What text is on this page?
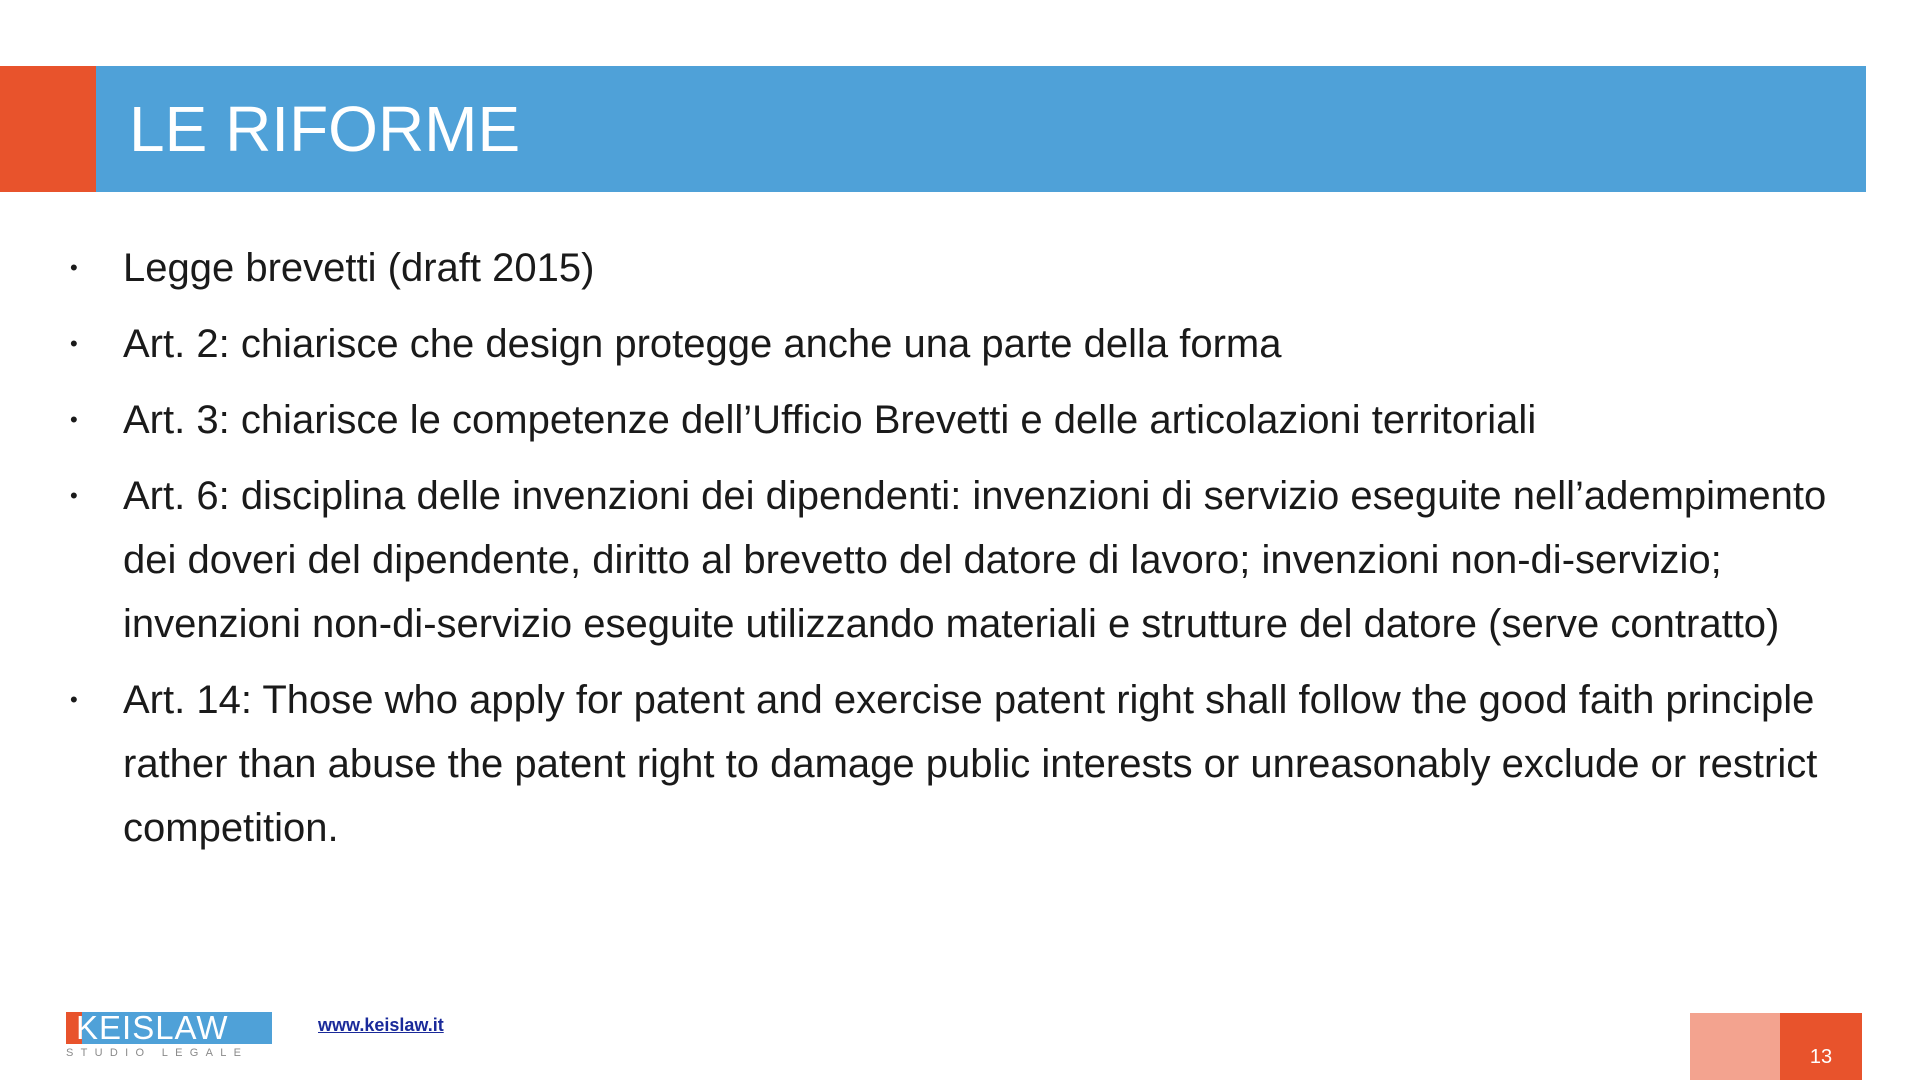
LE RIFORME
• Legge brevetti (draft 2015)
• Art. 2: chiarisce che design protegge anche una parte della forma
• Art. 3: chiarisce le competenze dell’Ufficio Brevetti e delle articolazioni territoriali
• Art. 6: disciplina delle invenzioni dei dipendenti: invenzioni di servizio eseguite nell’adempimento dei doveri del dipendente, diritto al brevetto del datore di lavoro; invenzioni non-di-servizio; invenzioni non-di-servizio eseguite utilizzando materiali e strutture del datore (serve contratto)
• Art. 14: Those who apply for patent and exercise patent right shall follow the good faith principle rather than abuse the patent right to damage public interests or unreasonably exclude or restrict competition.
KEISLAW
STUDIO LEGALE
www.keislaw.it
13
